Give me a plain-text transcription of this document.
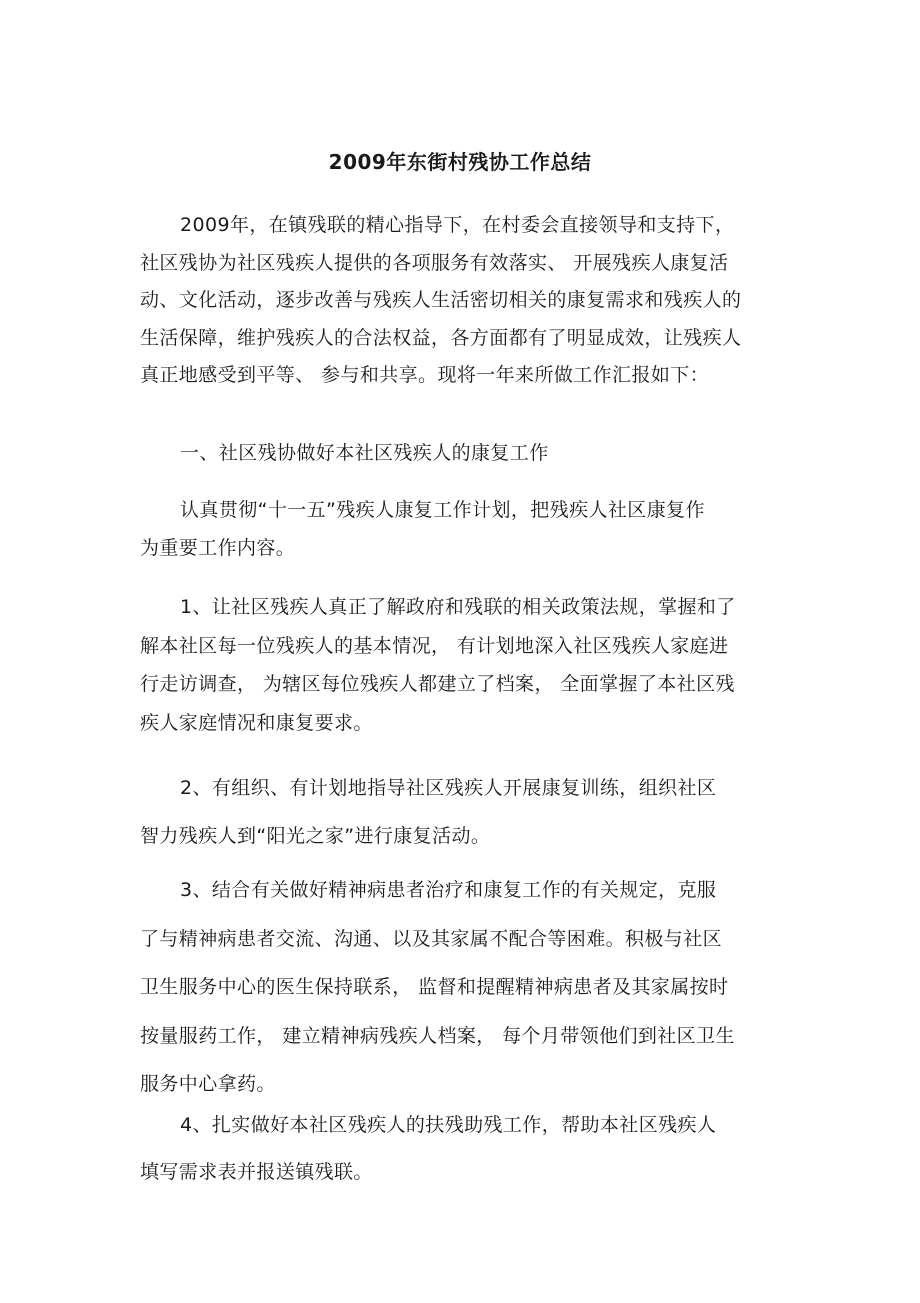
2009年东街村残协工作总结

2009年，在镇残联的精心指导下，在村委会直接领导和支持下，
社区残协为社区残疾人提供的各项服务有效落实、 开展残疾人康复活
动、文化活动，逐步改善与残疾人生活密切相关的康复需求和残疾人的
生活保障，维护残疾人的合法权益，各方面都有了明显成效，让残疾人
真正地感受到平等、 参与和共享。现将一年来所做工作汇报如下：

一、社区残协做好本社区残疾人的康复工作

认真贯彻“十一五”残疾人康复工作计划，把残疾人社区康复作
为重要工作内容。

1、让社区残疾人真正了解政府和残联的相关政策法规，掌握和了
解本社区每一位残疾人的基本情况， 有计划地深入社区残疾人家庭进
行走访调查， 为辖区每位残疾人都建立了档案， 全面掌握了本社区残
疾人家庭情况和康复要求。

2、有组织、有计划地指导社区残疾人开展康复训练，组织社区
智力残疾人到“阳光之家”进行康复活动。

3、结合有关做好精神病患者治疗和康复工作的有关规定，克服
了与精神病患者交流、沟通、以及其家属不配合等困难。积极与社区
卫生服务中心的医生保持联系， 监督和提醒精神病患者及其家属按时
按量服药工作， 建立精神病残疾人档案， 每个月带领他们到社区卫生
服务中心拿药。

4、扎实做好本社区残疾人的扶残助残工作，帮助本社区残疾人
填写需求表并报送镇残联。
